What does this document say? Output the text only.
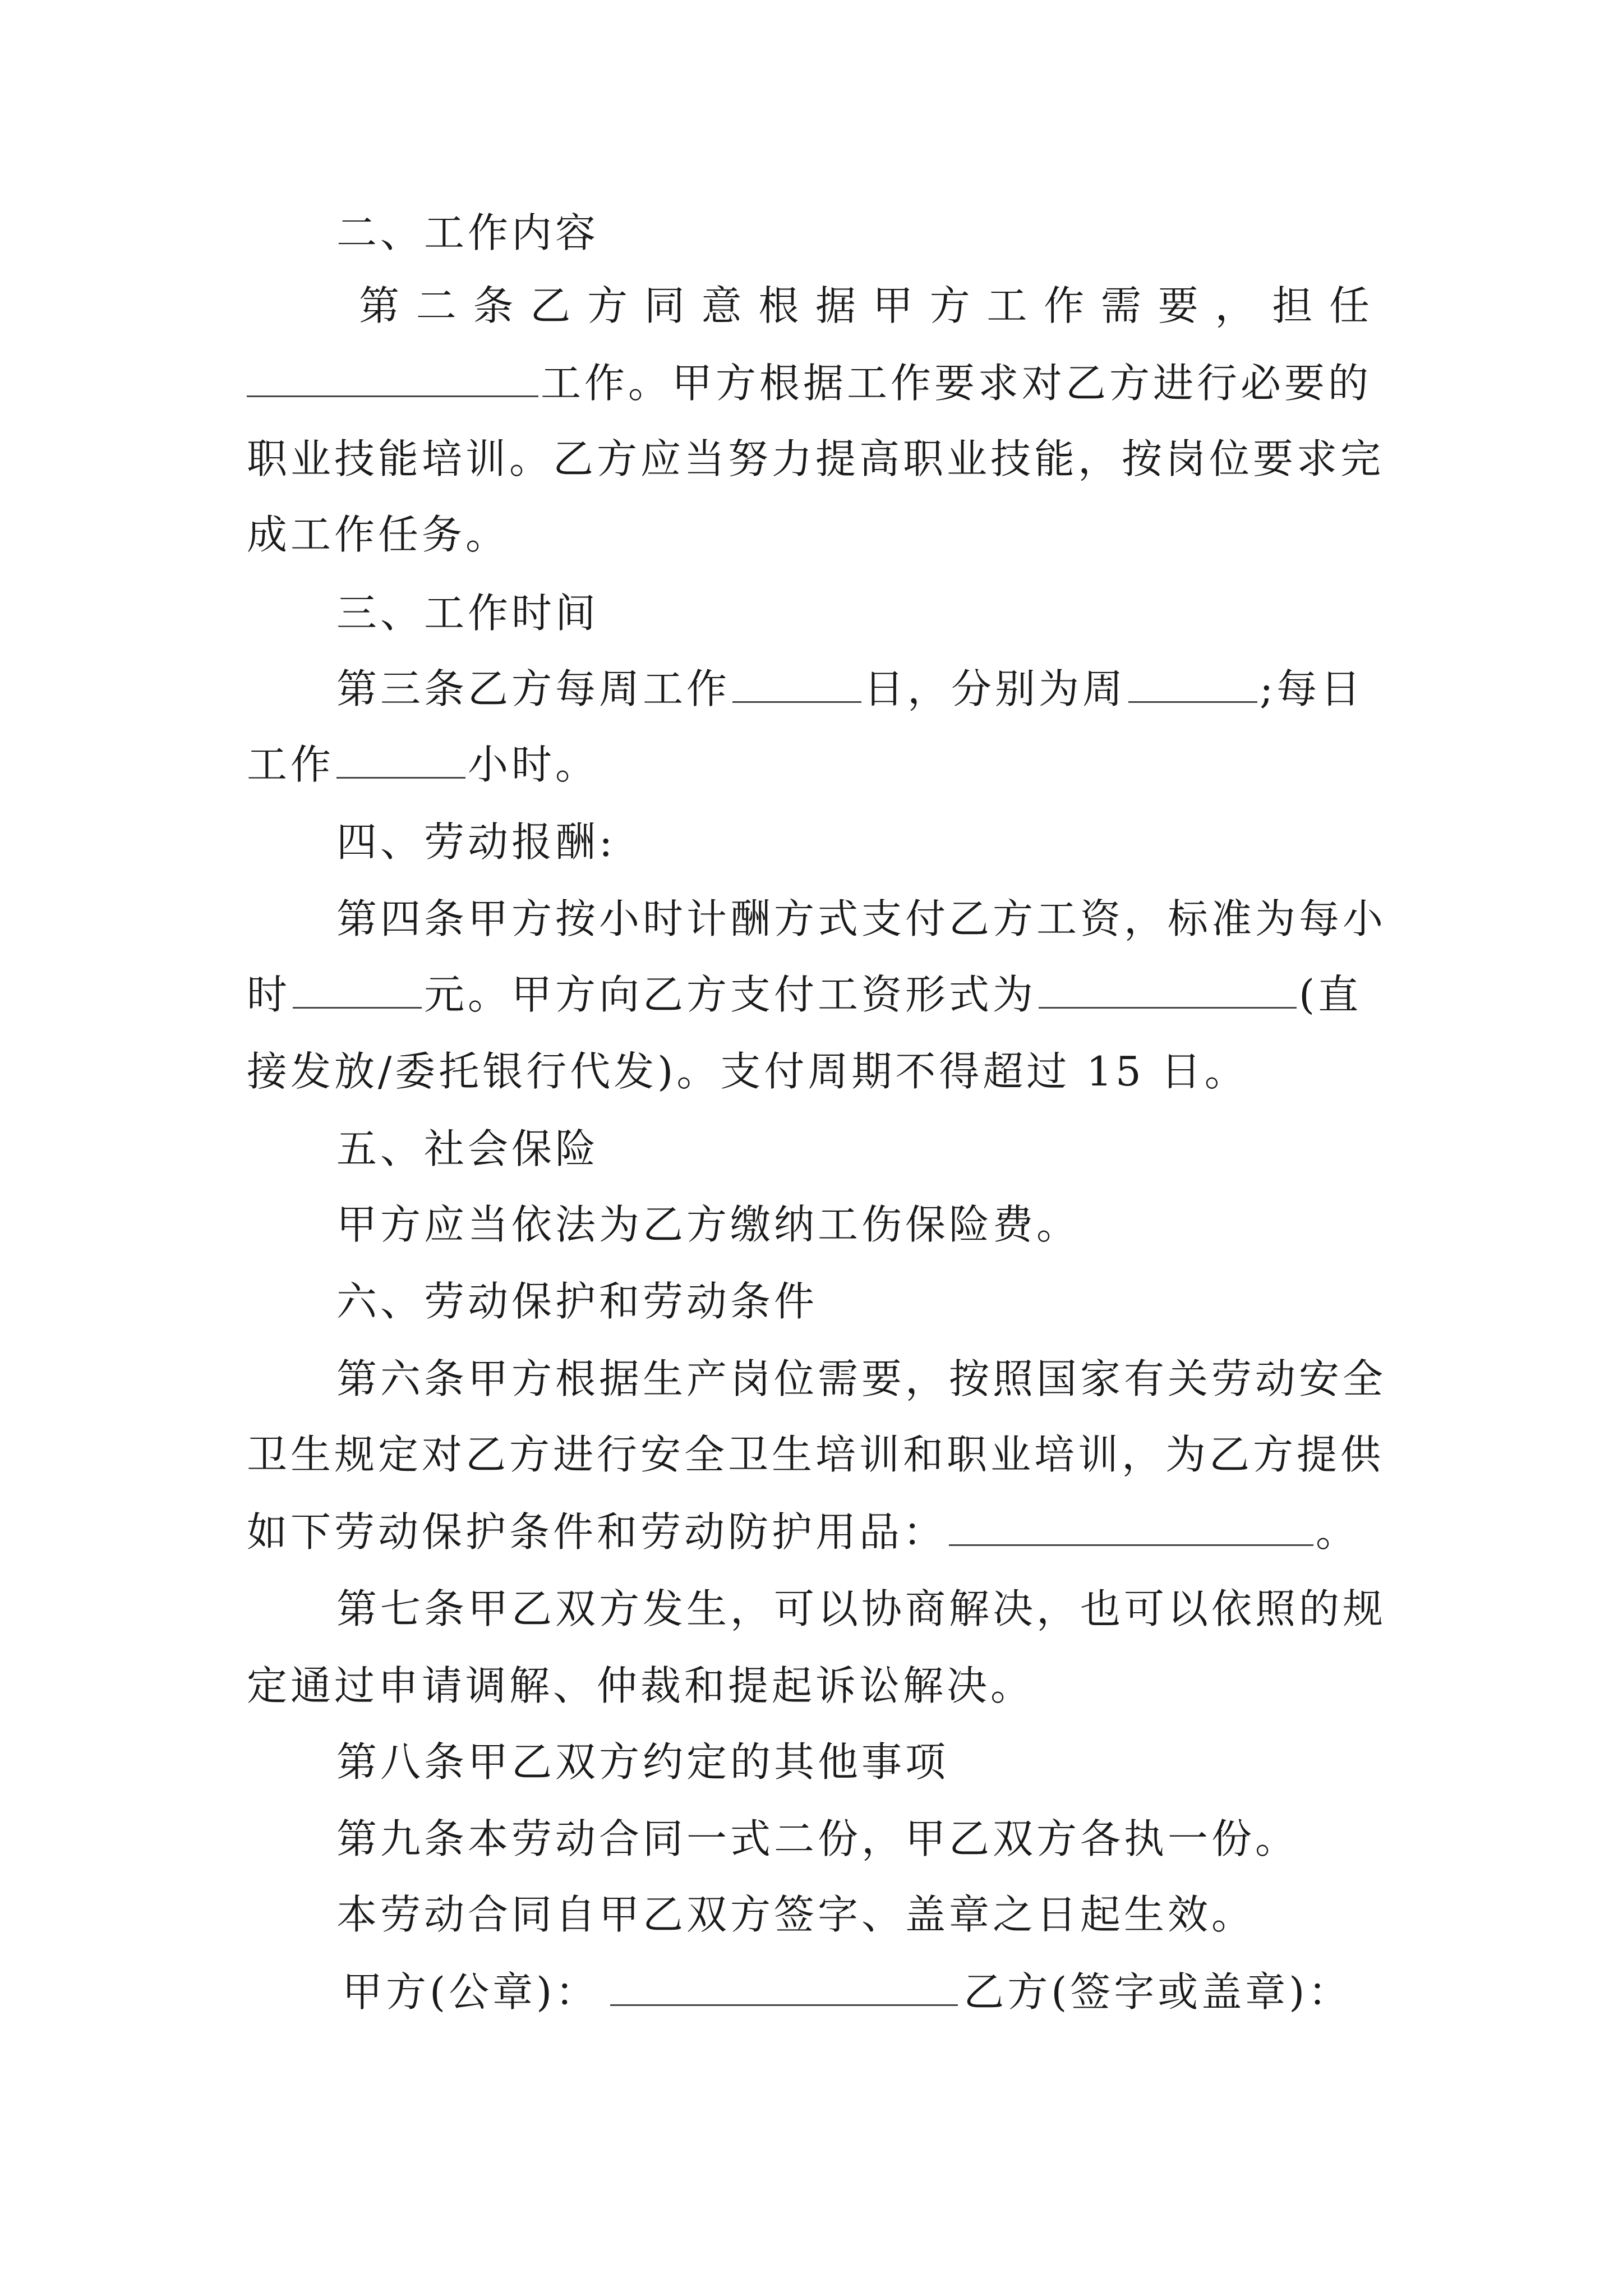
二、工作内容
第二条乙方同意根据甲方工作需要，担任
工作。甲方根据工作要求对乙方进行必要的
职业技能培训。乙方应当努力提高职业技能，按岗位要求完
成工作任务。
三、工作时间
第三条乙方每周工作	日，分别为周	;每日
工作	小时。
四、劳动报酬:
第四条甲方按小时计酬方式支付乙方工资，标准为每小
时	元。甲方向乙方支付工资形式为	(直
接发放/委托银行代发)。支付周期不得超过 15 日。
五、社会保险
甲方应当依法为乙方缴纳工伤保险费。
六、劳动保护和劳动条件
第六条甲方根据生产岗位需要，按照国家有关劳动安全
卫生规定对乙方进行安全卫生培训和职业培训，为乙方提供
如下劳动保护条件和劳动防护用品：	。
第七条甲乙双方发生，可以协商解决，也可以依照的规
定通过申请调解、仲裁和提起诉讼解决。
第八条甲乙双方约定的其他事项
第九条本劳动合同一式二份，甲乙双方各执一份。
本劳动合同自甲乙双方签字、盖章之日起生效。
甲方(公章)：	乙方(签字或盖章)：
